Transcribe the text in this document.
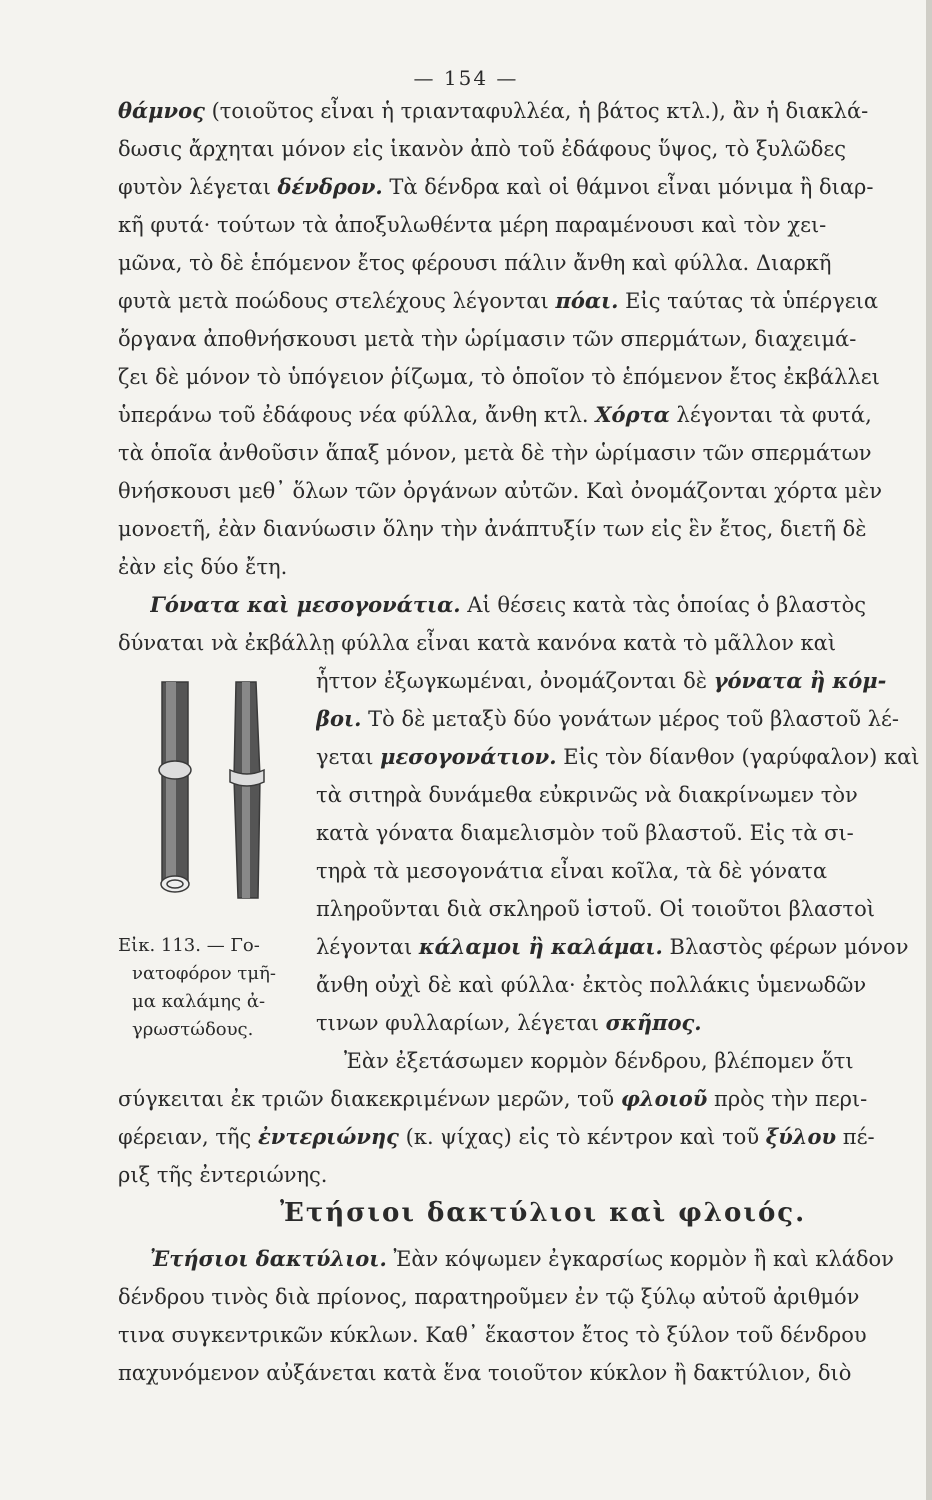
— 154 —
θάμνος (τοιοῦτος εἶναι ἡ τριανταφυλλέα, ἡ βάτος κτλ.), ἂν ἡ διακλά-
δωσις ἄρχηται μόνον εἰς ἱκανὸν ἀπὸ τοῦ ἐδάφους ὕψος, τὸ ξυλῶδες
φυτὸν λέγεται δένδρον. Τὰ δένδρα καὶ οἱ θάμνοι εἶναι μόνιμα ἢ διαρ-
κῆ φυτά· τούτων τὰ ἀποξυλωθέντα μέρη παραμένουσι καὶ τὸν χει-
μῶνα, τὸ δὲ ἑπόμενον ἔτος φέρουσι πάλιν ἄνθη καὶ φύλλα. Διαρκῆ
φυτὰ μετὰ ποώδους στελέχους λέγονται πόαι. Εἰς ταύτας τὰ ὑπέργεια
ὄργανα ἀποθνήσκουσι μετὰ τὴν ὡρίμασιν τῶν σπερμάτων, διαχειμά-
ζει δὲ μόνον τὸ ὑπόγειον ῥίζωμα, τὸ ὁποῖον τὸ ἑπόμενον ἔτος ἐκβάλλει
ὑπεράνω τοῦ ἐδάφους νέα φύλλα, ἄνθη κτλ. Χόρτα λέγονται τὰ φυτά,
τὰ ὁποῖα ἀνθοῦσιν ἅπαξ μόνον, μετὰ δὲ τὴν ὡρίμασιν τῶν σπερμάτων
θνήσκουσι μεθ᾿ ὅλων τῶν ὀργάνων αὐτῶν. Καὶ ὀνομάζονται χόρτα μὲν
μονοετῆ, ἐὰν διανύωσιν ὅλην τὴν ἀνάπτυξίν των εἰς ἓν ἔτος, διετῆ δὲ
ἐὰν εἰς δύο ἔτη.
Γόνατα καὶ μεσογονάτια. Αἱ θέσεις κατὰ τὰς ὁποίας ὁ βλαστὸς
δύναται νὰ ἐκβάλλῃ φύλλα εἶναι κατὰ κανόνα κατὰ τὸ μᾶλλον καὶ
ἧττον ἐξωγκωμέναι, ὀνομάζονται δὲ γόνατα ἢ κόμ-
βοι. Τὸ δὲ μεταξὺ δύο γονάτων μέρος τοῦ βλαστοῦ λέ-
γεται μεσογονάτιον. Εἰς τὸν δίανθον (γαρύφαλον) καὶ
τὰ σιτηρὰ δυνάμεθα εὐκρινῶς νὰ διακρίνωμεν τὸν
κατὰ γόνατα διαμελισμὸν τοῦ βλαστοῦ. Εἰς τὰ σι-
τηρὰ τὰ μεσογονάτια εἶναι κοῖλα, τὰ δὲ γόνατα
πληροῦνται διὰ σκληροῦ ἱστοῦ. Οἱ τοιοῦτοι βλαστοὶ
λέγονται κάλαμοι ἢ καλάμαι. Βλαστὸς φέρων μόνον
ἄνθη οὐχὶ δὲ καὶ φύλλα· ἐκτὸς πολλάκις ὑμενωδῶν
τινων φυλλαρίων, λέγεται σκῆπος.
Εἰκ. 113. — Γο-
νατοφόρον τμῆ-
μα καλάμης ἀ-
γρωστώδους.
Ἐὰν ἐξετάσωμεν κορμὸν δένδρου, βλέπομεν ὅτι
σύγκειται ἐκ τριῶν διακεκριμένων μερῶν, τοῦ φλοιοῦ πρὸς τὴν περι-
φέρειαν, τῆς ἐντεριώνης (κ. ψίχας) εἰς τὸ κέντρον καὶ τοῦ ξύλου πέ-
ριξ τῆς ἐντεριώνης.
Ἐτήσιοι δακτύλιοι καὶ φλοιός.
Ἐτήσιοι δακτύλιοι. Ἐὰν κόψωμεν ἐγκαρσίως κορμὸν ἢ καὶ κλάδον
δένδρου τινὸς διὰ πρίονος, παρατηροῦμεν ἐν τῷ ξύλῳ αὐτοῦ ἀριθμόν
τινα συγκεντρικῶν κύκλων. Καθ᾿ ἕκαστον ἔτος τὸ ξύλον τοῦ δένδρου
παχυνόμενον αὐξάνεται κατὰ ἕνα τοιοῦτον κύκλον ἢ δακτύλιον, διὸ
